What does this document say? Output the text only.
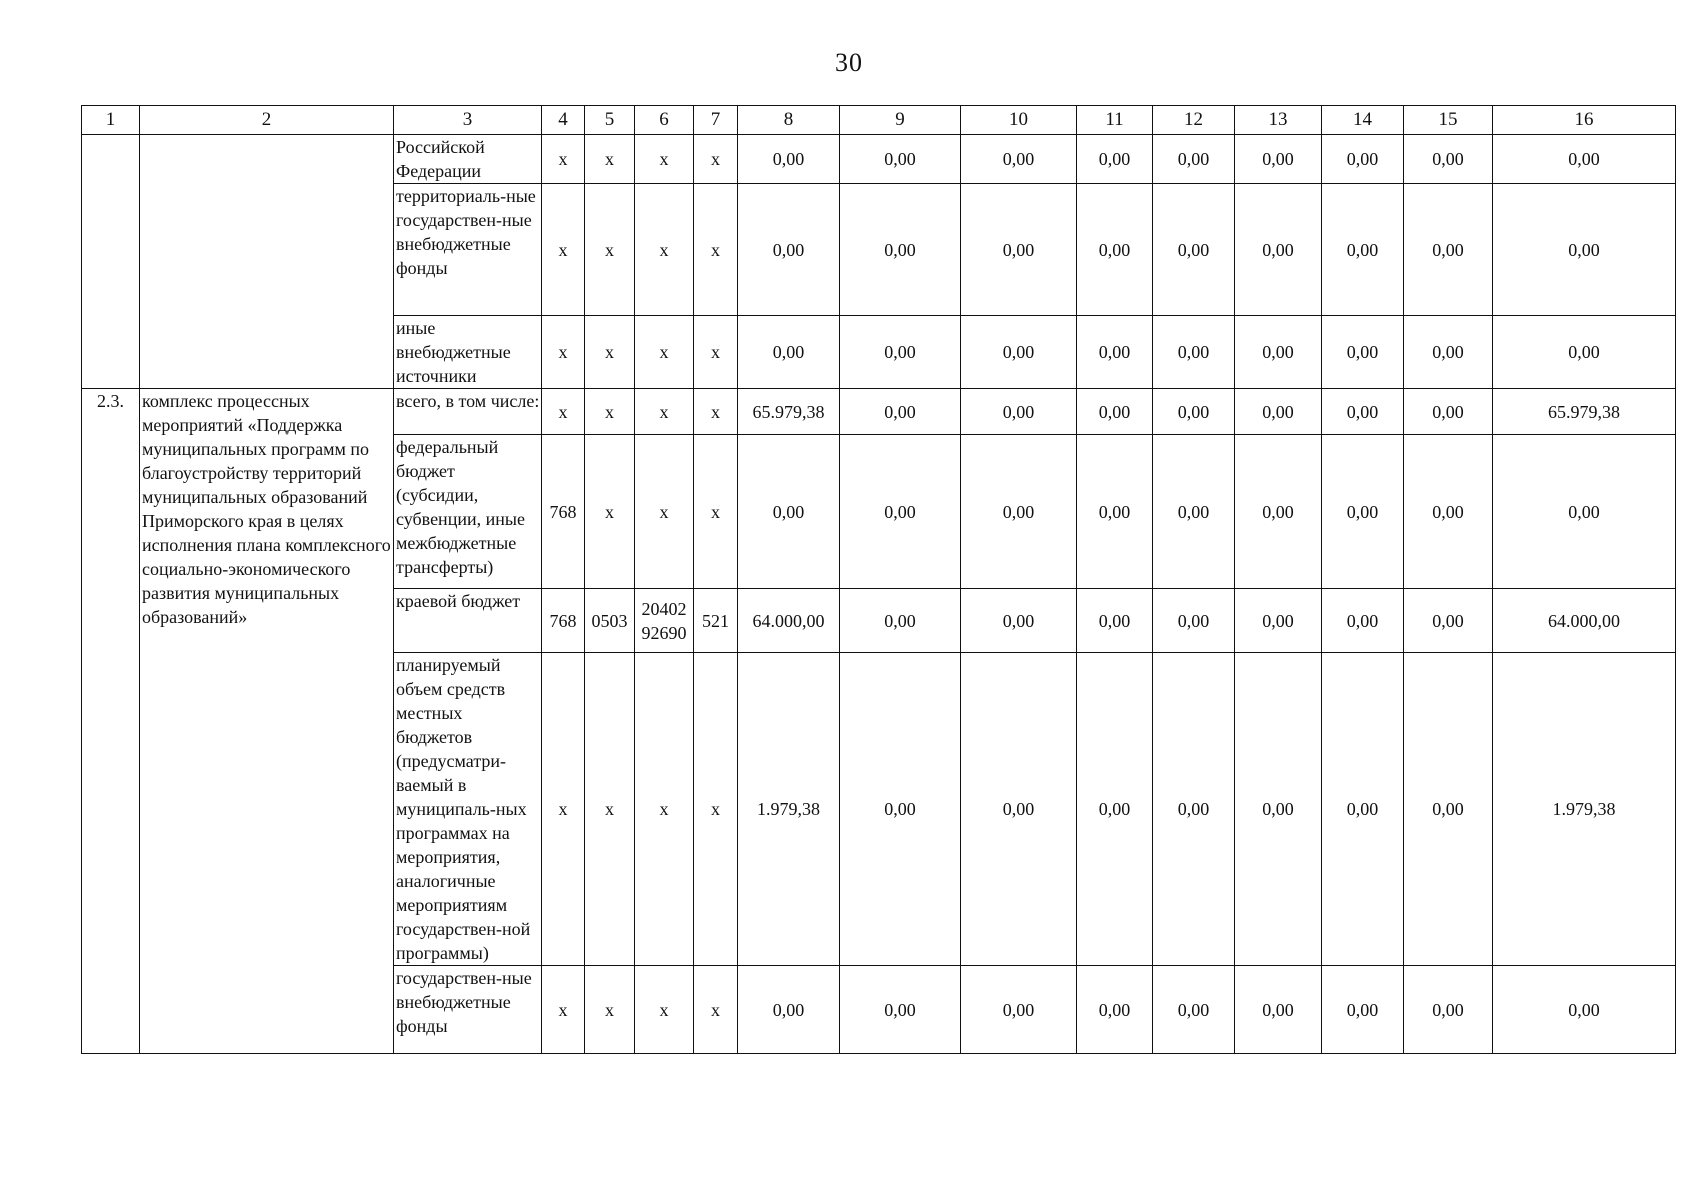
30
1	2	3	4	5	6	7	8	9	10	11	12	13	14	15	16
		Российской Федерации	х	х	х	х	0,00	0,00	0,00	0,00	0,00	0,00	0,00	0,00	0,00
		территориаль-ные государствен-ные внебюджетные фонды	х	х	х	х	0,00	0,00	0,00	0,00	0,00	0,00	0,00	0,00	0,00
		иные внебюджетные источники	х	х	х	х	0,00	0,00	0,00	0,00	0,00	0,00	0,00	0,00	0,00
2.3.	комплекс процессных мероприятий «Поддержка муниципальных программ по благоустройству территорий муниципальных образований Приморского края в целях исполнения плана комплексного социально-экономического развития муниципальных образований»	всего, в том числе:	х	х	х	х	65.979,38	0,00	0,00	0,00	0,00	0,00	0,00	0,00	65.979,38
		федеральный бюджет (субсидии, субвенции, иные межбюджетные трансферты)	768	х	х	х	0,00	0,00	0,00	0,00	0,00	0,00	0,00	0,00	0,00
		краевой бюджет	768	0503	20402 92690	521	64.000,00	0,00	0,00	0,00	0,00	0,00	0,00	0,00	64.000,00
		планируемый объем средств местных бюджетов (предусматри-ваемый в муниципаль-ных программах на мероприятия, аналогичные мероприятиям государствен-ной программы)	х	х	х	х	1.979,38	0,00	0,00	0,00	0,00	0,00	0,00	0,00	1.979,38
		государствен-ные внебюджетные фонды	х	х	х	х	0,00	0,00	0,00	0,00	0,00	0,00	0,00	0,00	0,00
